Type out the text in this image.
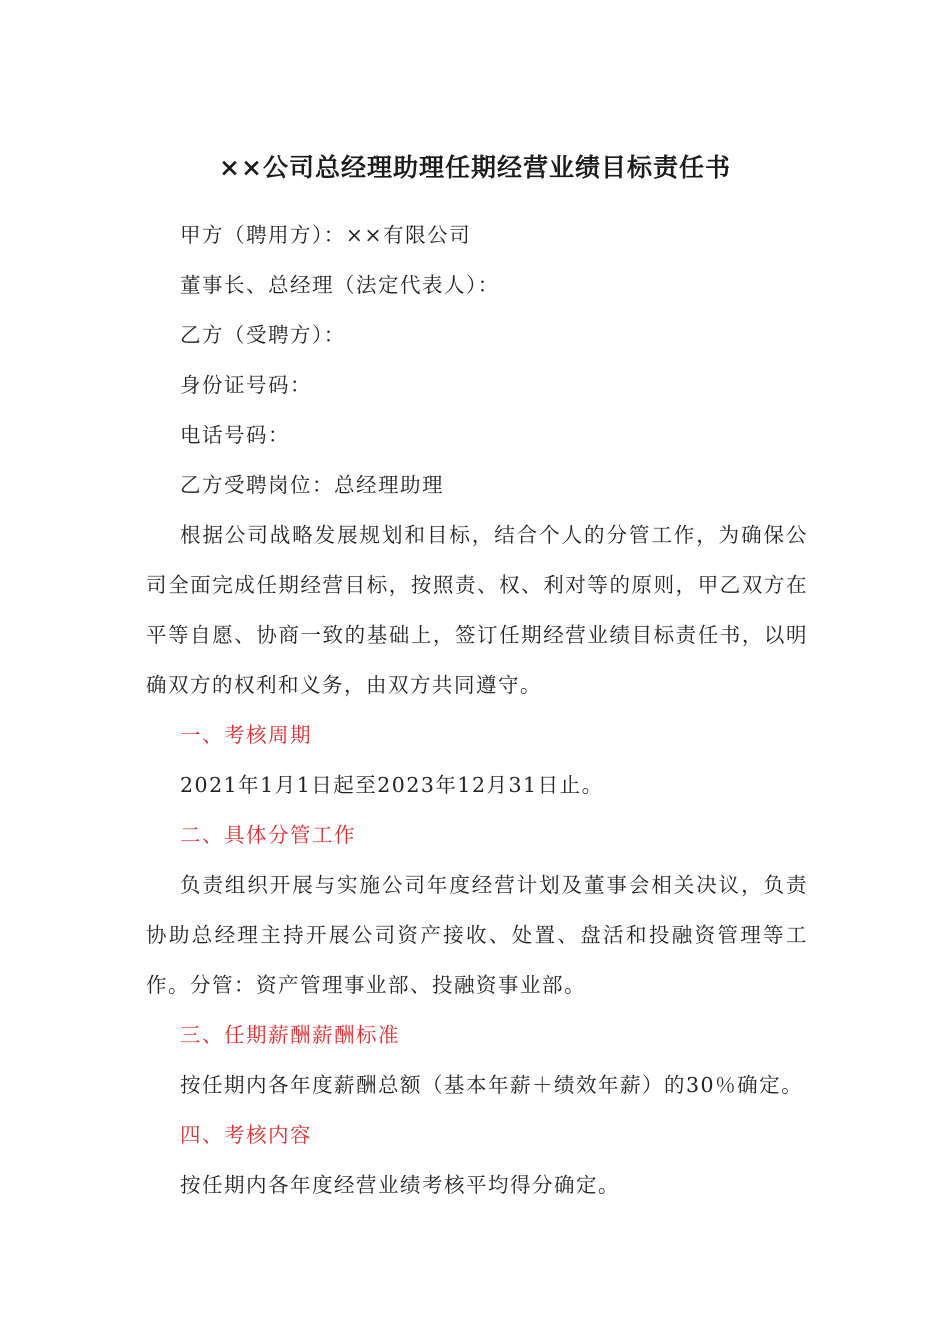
××公司总经理助理任期经营业绩目标责任书

甲方（聘用方）：××有限公司

董事长、总经理（法定代表人）：

乙方（受聘方）：

身份证号码：

电话号码：

乙方受聘岗位：总经理助理

根据公司战略发展规划和目标，结合个人的分管工作，为确保公司全面完成任期经营目标，按照责、权、利对等的原则，甲乙双方在平等自愿、协商一致的基础上，签订任期经营业绩目标责任书，以明确双方的权利和义务，由双方共同遵守。

一、考核周期

2021年1月1日起至2023年12月31日止。

二、具体分管工作

负责组织开展与实施公司年度经营计划及董事会相关决议，负责协助总经理主持开展公司资产接收、处置、盘活和投融资管理等工作。分管：资产管理事业部、投融资事业部。

三、任期薪酬薪酬标准

按任期内各年度薪酬总额（基本年薪＋绩效年薪）的30％确定。

四、考核内容

按任期内各年度经营业绩考核平均得分确定。
